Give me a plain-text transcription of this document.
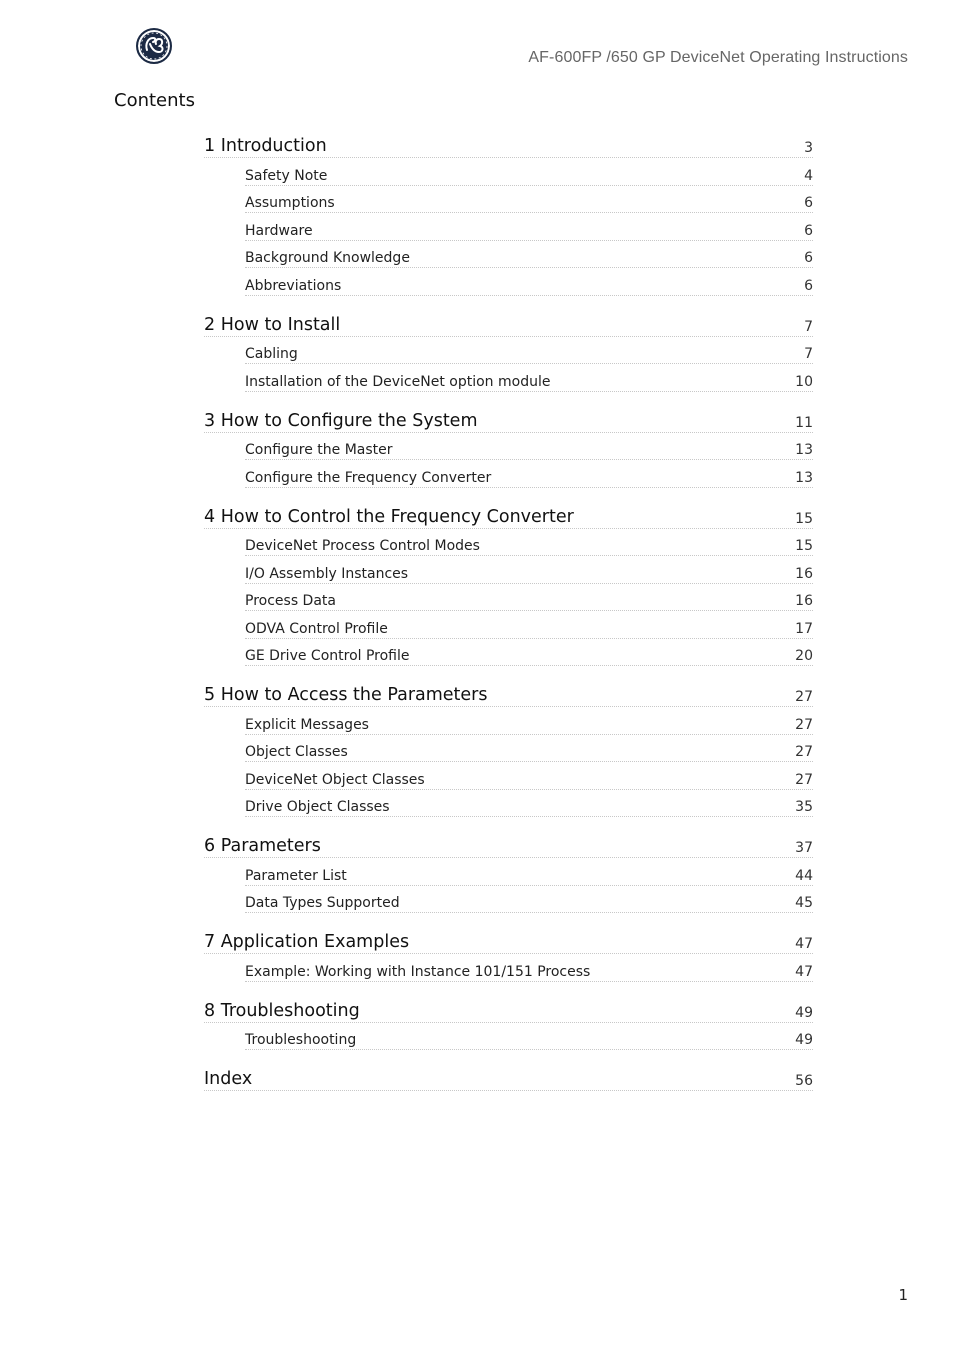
AF-600FP /650 GP DeviceNet Operating Instructions
Contents
1 Introduction	3
Safety Note	4
Assumptions	6
Hardware	6
Background Knowledge	6
Abbreviations	6
2 How to Install	7
Cabling	7
Installation of the DeviceNet option module	10
3 How to Configure the System	11
Configure the Master	13
Configure the Frequency Converter	13
4 How to Control the Frequency Converter	15
DeviceNet Process Control Modes	15
I/O Assembly Instances	16
Process Data	16
ODVA Control Profile	17
GE Drive Control Profile	20
5 How to Access the Parameters	27
Explicit Messages	27
Object Classes	27
DeviceNet Object Classes	27
Drive Object Classes	35
6 Parameters	37
Parameter List	44
Data Types Supported	45
7 Application Examples	47
Example: Working with Instance 101/151 Process	47
8 Troubleshooting	49
Troubleshooting	49
Index	56
1
